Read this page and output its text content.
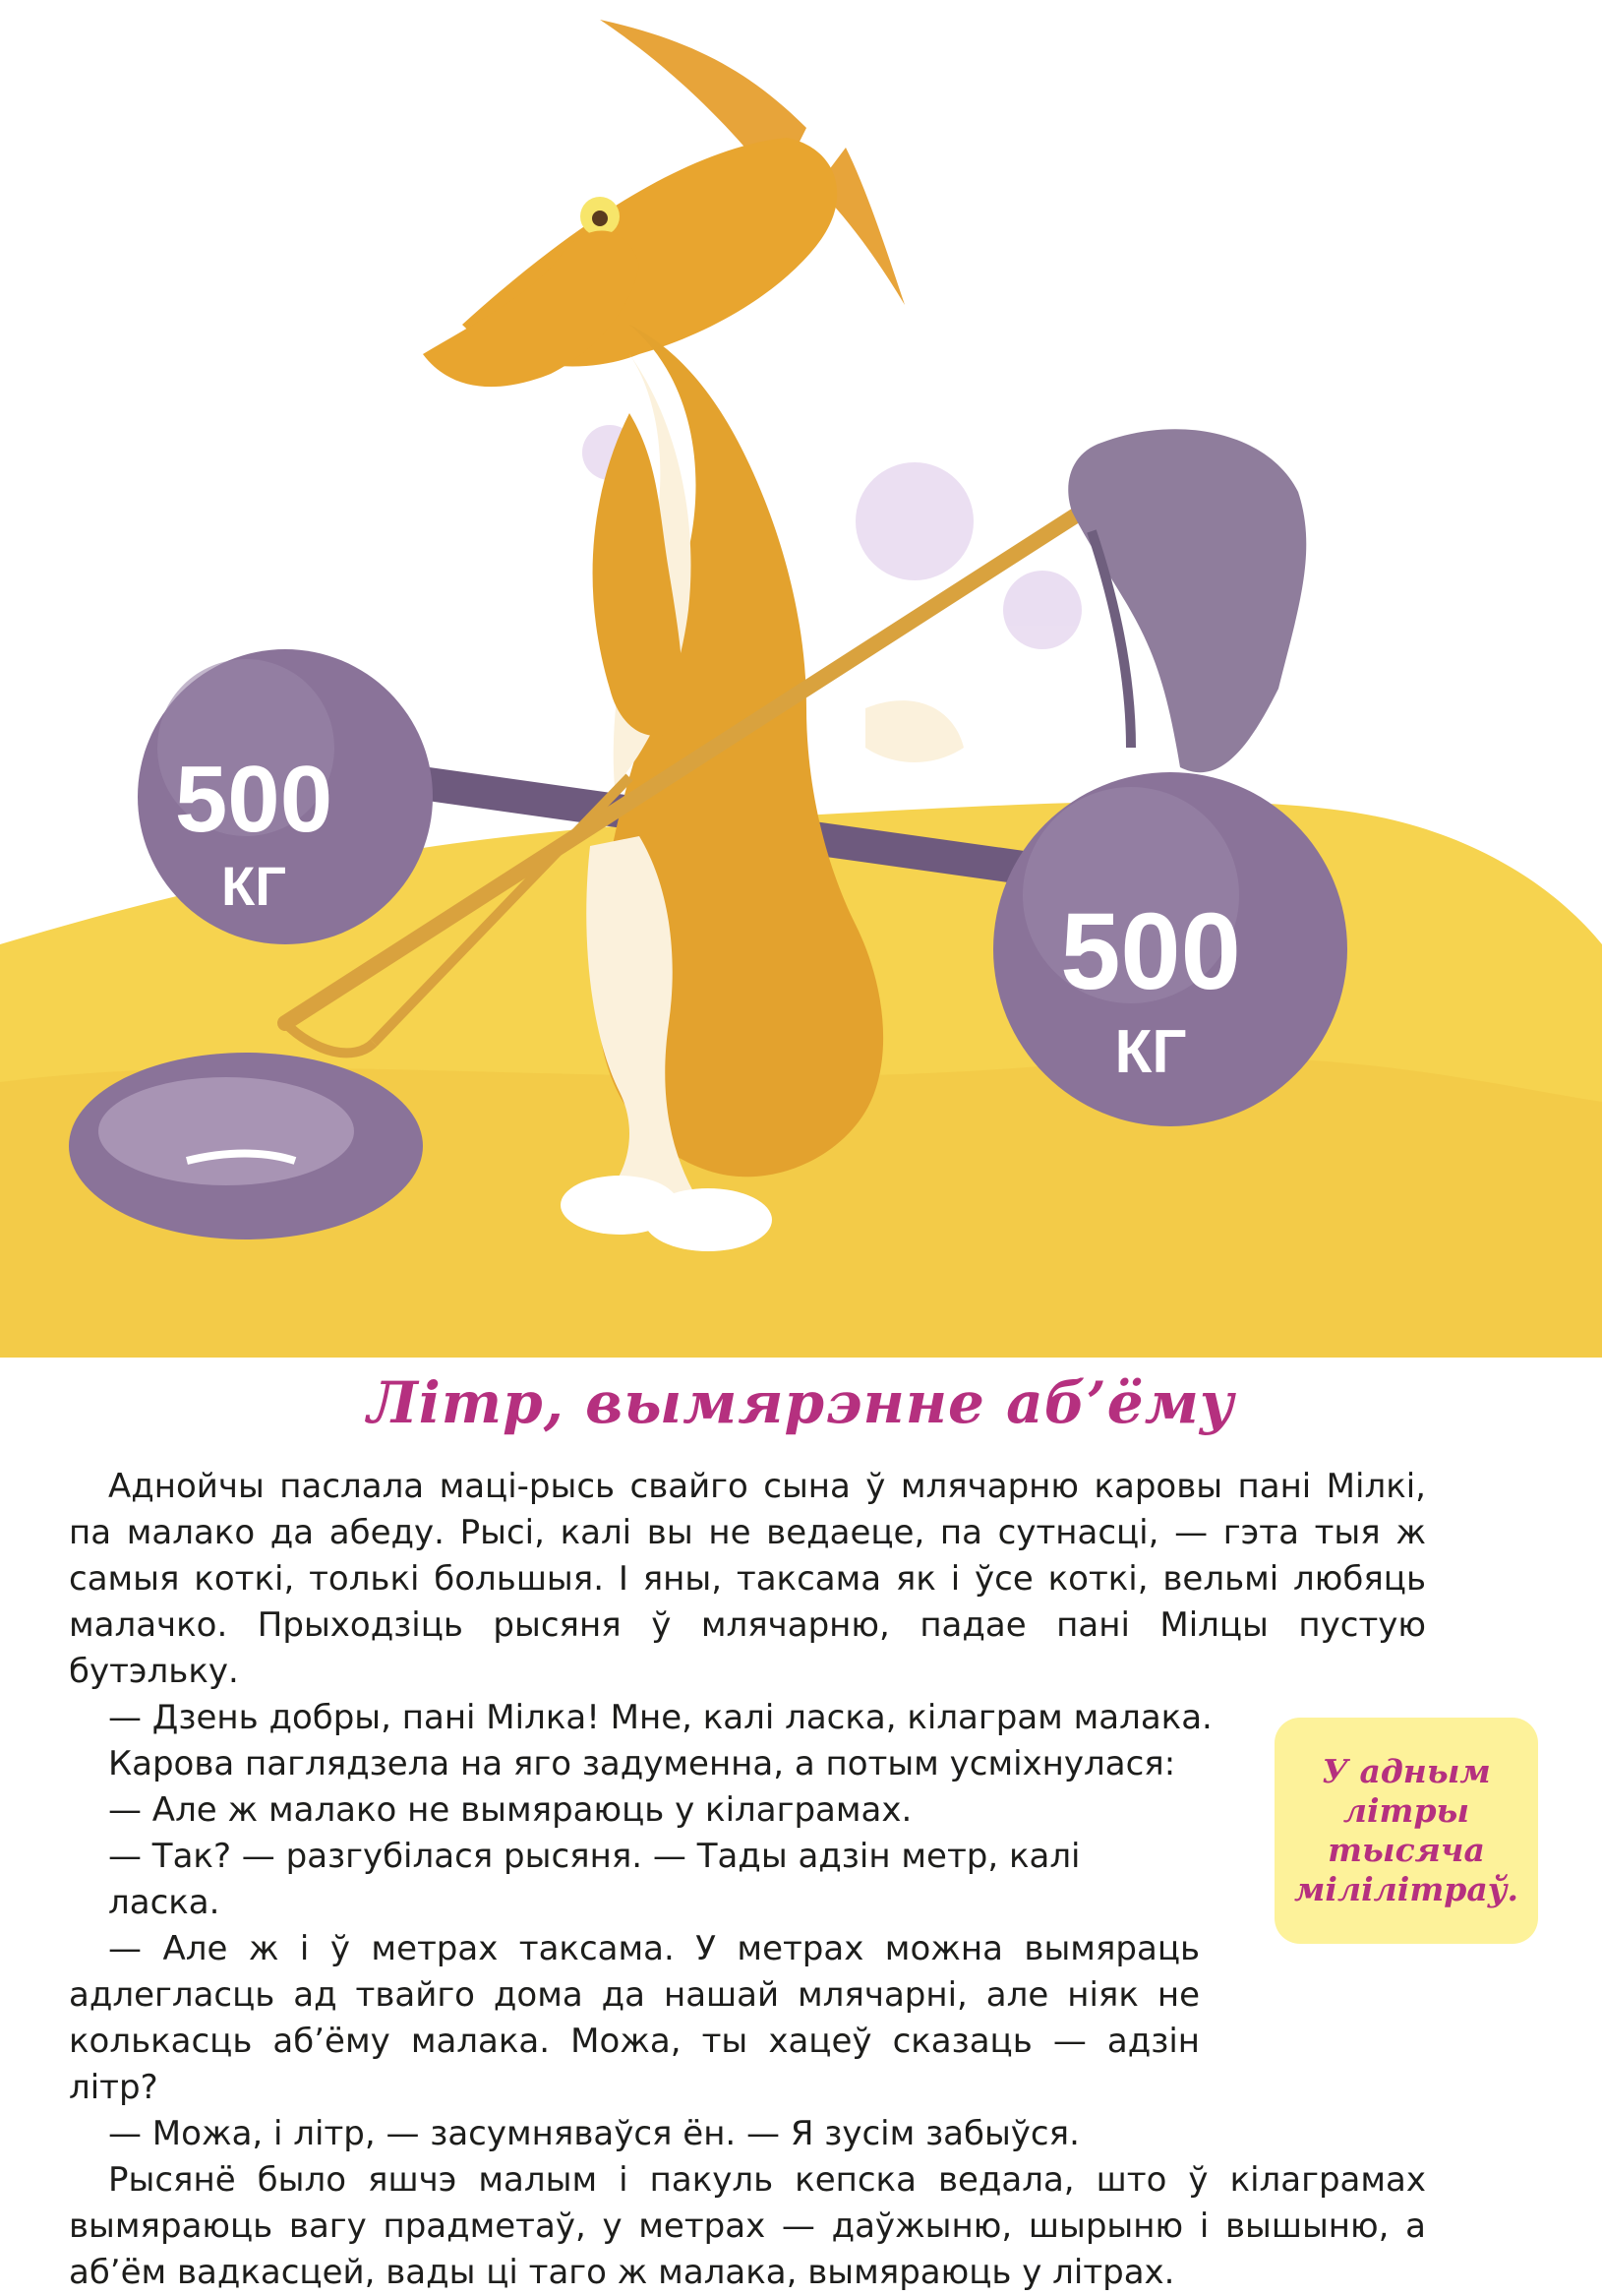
500
КГ
500
КГ
Літр, вымярэнне аб’ёму

Аднойчы паслала маці-рысь свайго сына ў млячарню каровы пані Мілкі, па малако да абеду. Рысі, калі вы не ведаеце, па сутнасці, — гэта тыя ж самыя коткі, толькі большыя. І яны, таксама як і ўсе коткі, вельмі любяць малачко. Прыходзіць рысяня ў млячарню, падае пані Мілцы пустую бутэльку.

— Дзень добры, пані Мілка! Мне, калі ласка, кілаграм малака.

Карова паглядзела на яго задуменна, а потым усміхнулася:

— Але ж малако не вымяраюць у кілаграмах.

— Так? — разгубілася рысяня. — Тады адзін метр, калі ласка.

— Але ж і ў метрах таксама. У метрах можна вымяраць адлегласць ад твайго дома да нашай млячарні, але ніяк не колькасць аб’ёму малака. Можа, ты хацеў сказаць — адзін літр?

— Можа, і літр, — засумняваўся ён. — Я зусім забыўся.

Рысянё было яшчэ малым і пакуль кепска ведала, што ў кілаграмах вымяраюць вагу прадметаў, у метрах — даўжыню, шырыню і вышыню, а аб’ём вадкасцей, вады ці таго ж малака, вымяраюць у літрах.

У адным
літры
тысяча
мілілітраў.
